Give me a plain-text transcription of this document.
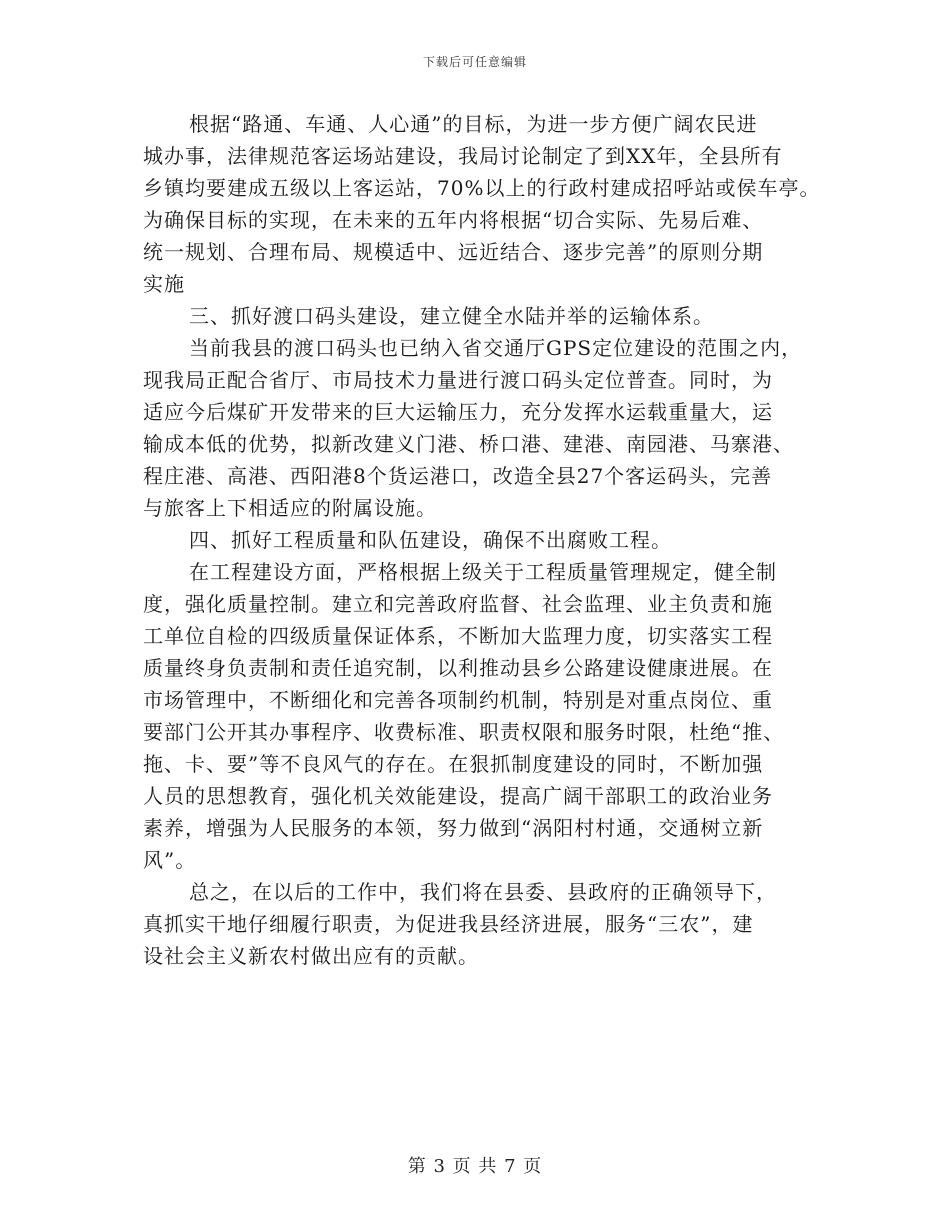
下载后可任意编辑
根据“路通、车通、人心通”的目标，为进一步方便广阔农民进
城办事，法律规范客运场站建设，我局讨论制定了到XX年，全县所有
乡镇均要建成五级以上客运站，70%以上的行政村建成招呼站或侯车亭。
为确保目标的实现，在未来的五年内将根据“切合实际、先易后难、
统一规划、合理布局、规模适中、远近结合、逐步完善”的原则分期
实施
三、抓好渡口码头建设，建立健全水陆并举的运输体系。
当前我县的渡口码头也已纳入省交通厅GPS定位建设的范围之内，
现我局正配合省厅、市局技术力量进行渡口码头定位普查。同时，为
适应今后煤矿开发带来的巨大运输压力，充分发挥水运载重量大，运
输成本低的优势，拟新改建义门港、桥口港、建港、南园港、马寨港、
程庄港、高港、西阳港8个货运港口，改造全县27个客运码头，完善
与旅客上下相适应的附属设施。
四、抓好工程质量和队伍建设，确保不出腐败工程。
在工程建设方面，严格根据上级关于工程质量管理规定，健全制
度，强化质量控制。建立和完善政府监督、社会监理、业主负责和施
工单位自检的四级质量保证体系，不断加大监理力度，切实落实工程
质量终身负责制和责任追究制，以利推动县乡公路建设健康进展。在
市场管理中，不断细化和完善各项制约机制，特别是对重点岗位、重
要部门公开其办事程序、收费标准、职责权限和服务时限，杜绝“推、
拖、卡、要”等不良风气的存在。在狠抓制度建设的同时，不断加强
人员的思想教育，强化机关效能建设，提高广阔干部职工的政治业务
素养，增强为人民服务的本领，努力做到“涡阳村村通，交通树立新
风”。
总之，在以后的工作中，我们将在县委、县政府的正确领导下，
真抓实干地仔细履行职责，为促进我县经济进展，服务“三农”，建
设社会主义新农村做出应有的贡献。
第 3 页 共 7 页
